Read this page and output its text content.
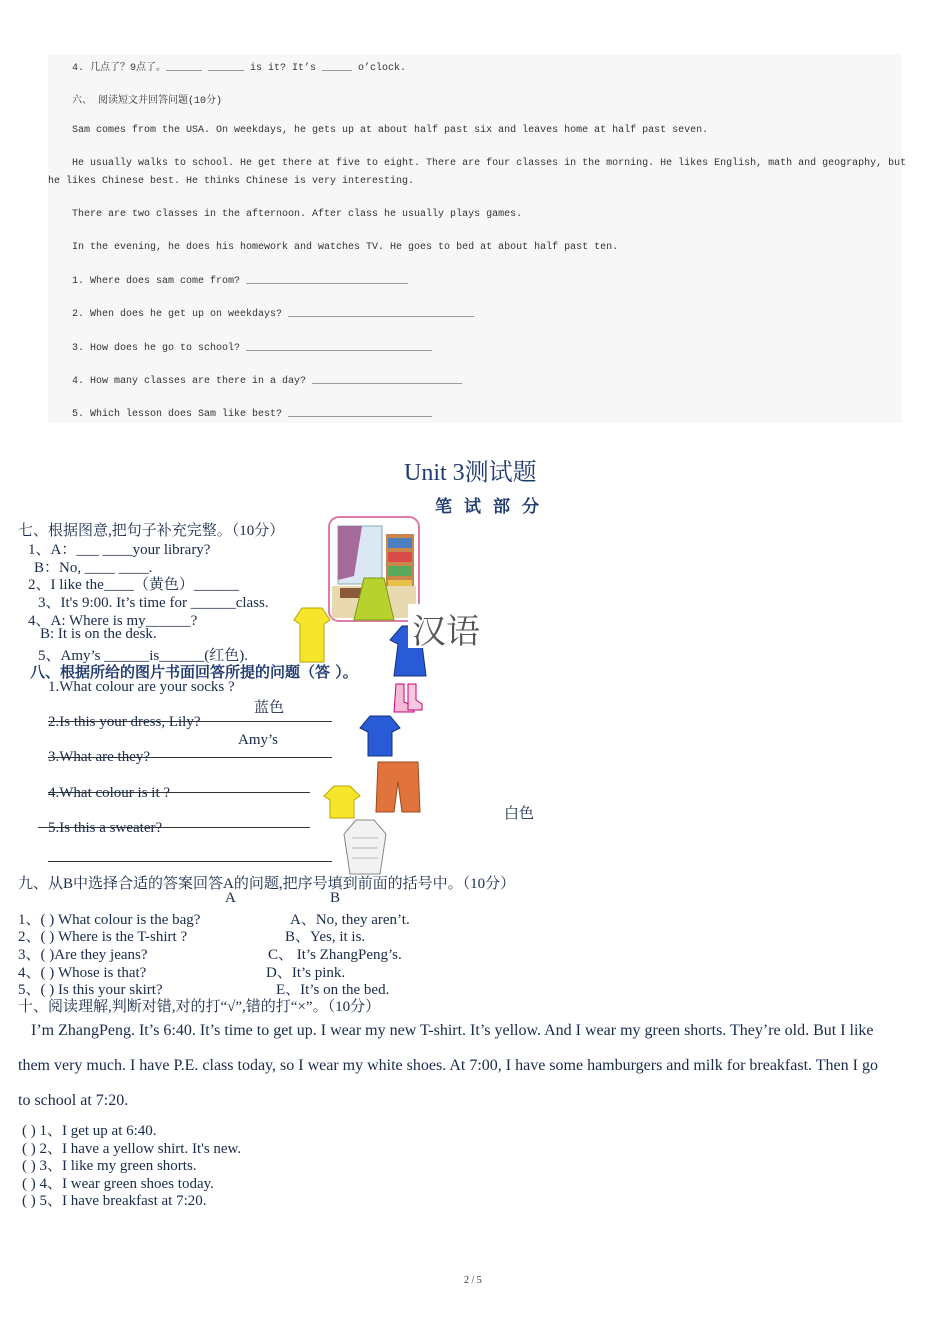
4. 几点了？9点了。______ ______ is it? It’s _____ o’clock.
六、 阅读短文并回答问题(10分)
Sam comes from the USA. On weekdays, he gets up at about half past six and leaves home at half past seven.
He usually walks to school. He get there at five to eight. There are four classes in the morning. He likes English, math and geography, but
he likes Chinese best. He thinks Chinese is very interesting.
There are two classes in the afternoon. After class he usually plays games.
In the evening, he does his homework and watches TV. He goes to bed at about half past ten.
1. Where does sam come from? ___________________________
2. When does he get up on weekdays? _______________________________
3. How does he go to school? _______________________________
4. How many classes are there in a day? _________________________
5. Which lesson does Sam like best? ________________________
Unit 3测试题
笔试部分
七、根据图意,把句子补充完整。（10分）
1、A：___ ____your library?
B：No, ____ ____.
2、I like the____（黄色）______
3、It's 9:00. It’s time for ______class.
4、A: Where is my______?
B: It is on the desk.
5、Amy’s ______is______(红色).
八、根据所给的图片书面回答所提的问题（答 ）。
1.What colour are your socks ?
蓝色
2.Is this your dress, Lily?
Amy’s
3.What are they?
4.What colour is it ?
白色
5.Is this a sweater?
汉语
九、从B中选择合适的答案回答A的问题,把序号填到前面的括号中。（10分）
A	B
1、( ) What colour is the bag?	A、No, they aren’t.
2、( ) Where is the T-shirt ?	B、Yes, it is.
3、( )Are they jeans?	C、 It’s ZhangPeng’s.
4、( ) Whose is that?	D、It’s pink.
5、( ) Is this your skirt?	E、It’s on the bed.
十、阅读理解,判断对错,对的打“√”,错的打“×”。（10分）
I’m ZhangPeng. It’s 6:40. It’s time to get up. I wear my new T-shirt. It’s yellow. And I wear my green shorts. They’re old. But I like
them very much. I have P.E. class today, so I wear my white shoes. At 7:00, I have some hamburgers and milk for breakfast. Then I go
to school at 7:20.
( ) 1、I get up at 6:40.
( ) 2、I have a yellow shirt. It's new.
( ) 3、I like my green shorts.
( ) 4、I wear green shoes today.
( ) 5、I have breakfast at 7:20.
2 / 5
